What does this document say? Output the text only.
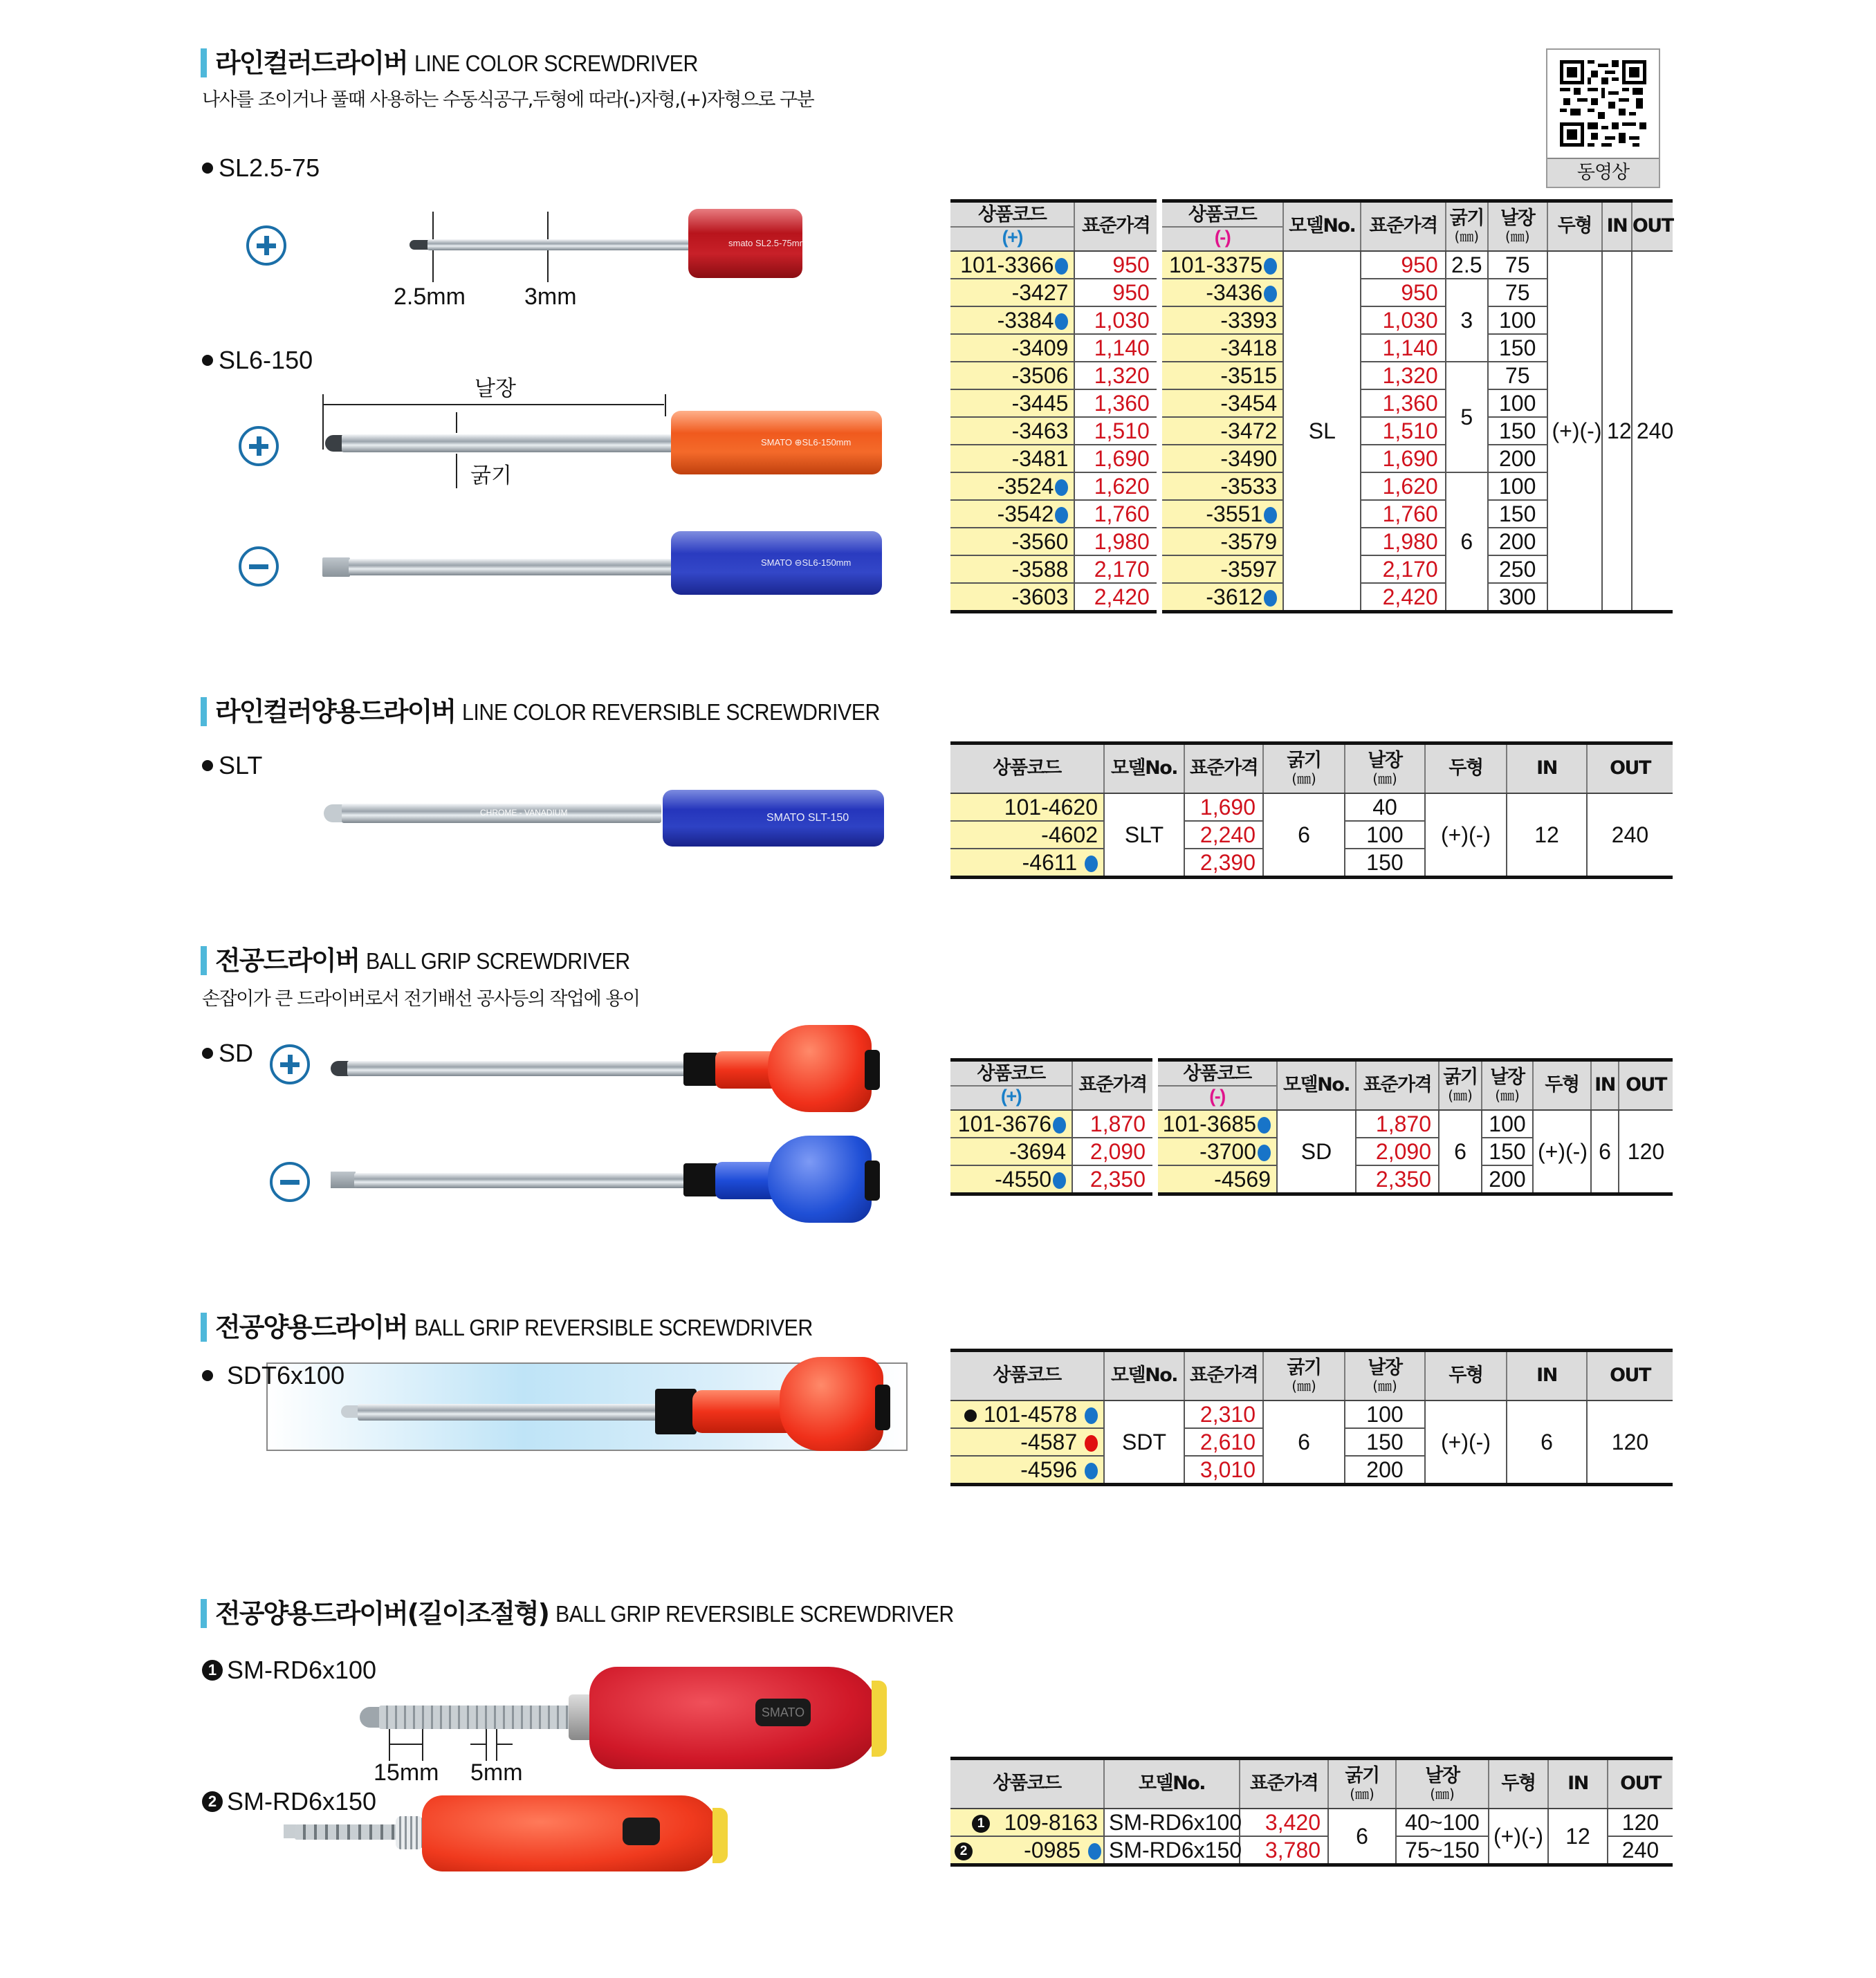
동영상
라인컬러드라이버 LINE COLOR SCREWDRIVER
나사를 조이거나 풀때 사용하는 수동식공구,두형에 따라(-)자형,(+)자형으로 구분
SL2.5-75
smato SL2.5-75mm
2.5mm	3mm
SL6-150
날장
SMATO ⊕SL6-150mm
굵기
SMATO ⊖SL6-150mm
상품코드
(+)	표준가격	상품코드
(-)	모델No.	표준가격	굵기
(㎜)	날장
(㎜)	두형	IN	OUT
101-3366	950	101-3375	SL	950	2.5	75	(+)(-)	12	240
-3427	950	-3436		950	3	75			
-3384	1,030	-3393		1,030		100			
-3409	1,140	-3418		1,140		150			
-3506	1,320	-3515		1,320	5	75			
-3445	1,360	-3454		1,360		100			
-3463	1,510	-3472		1,510		150			
-3481	1,690	-3490		1,690		200			
-3524	1,620	-3533		1,620	6	100			
-3542	1,760	-3551		1,760		150			
-3560	1,980	-3579		1,980		200			
-3588	2,170	-3597		2,170		250			
-3603	2,420	-3612		2,420		300			
라인컬러양용드라이버 LINE COLOR REVERSIBLE SCREWDRIVER
SLT
CHROME - VANADIUM	SMATO SLT-150
상품코드	모델No.	표준가격	굵기
(㎜)	날장
(㎜)	두형	IN	OUT
101-4620	SLT	1,690	6	40	(+)(-)	12	240
-4602		2,240		100			
-4611		2,390		150			
전공드라이버 BALL GRIP SCREWDRIVER
손잡이가 큰 드라이버로서 전기배선 공사등의 작업에 용이
SD
상품코드
(+)	표준가격	상품코드
(-)	모델No.	표준가격	굵기
(㎜)	날장
(㎜)	두형	IN	OUT
101-3676	1,870	101-3685	SD	1,870	6	100	(+)(-)	6	120
-3694	2,090	-3700		2,090		150			
-4550	2,350	-4569		2,350		200			
전공양용드라이버 BALL GRIP REVERSIBLE SCREWDRIVER
SDT6x100	상품코드	모델No.	표준가격	굵기
(㎜)	날장
(㎜)	두형	IN	OUT
101-4578	SDT	2,310	6	100	(+)(-)	6	120
-4587		2,610		150			
-4596		3,010		200			
전공양용드라이버(길이조절형) BALL GRIP REVERSIBLE SCREWDRIVER
1 SM-RD6x100
SMATO
15mm 5mm
2 SM-RD6x150
상품코드	모델No.	표준가격	굵기
(㎜)	날장
(㎜)	두형	IN	OUT
1 109-8163	SM-RD6x100	3,420	6	40~100	(+)(-)	12	120
2 -0985	SM-RD6x150	3,780		75~150			240
